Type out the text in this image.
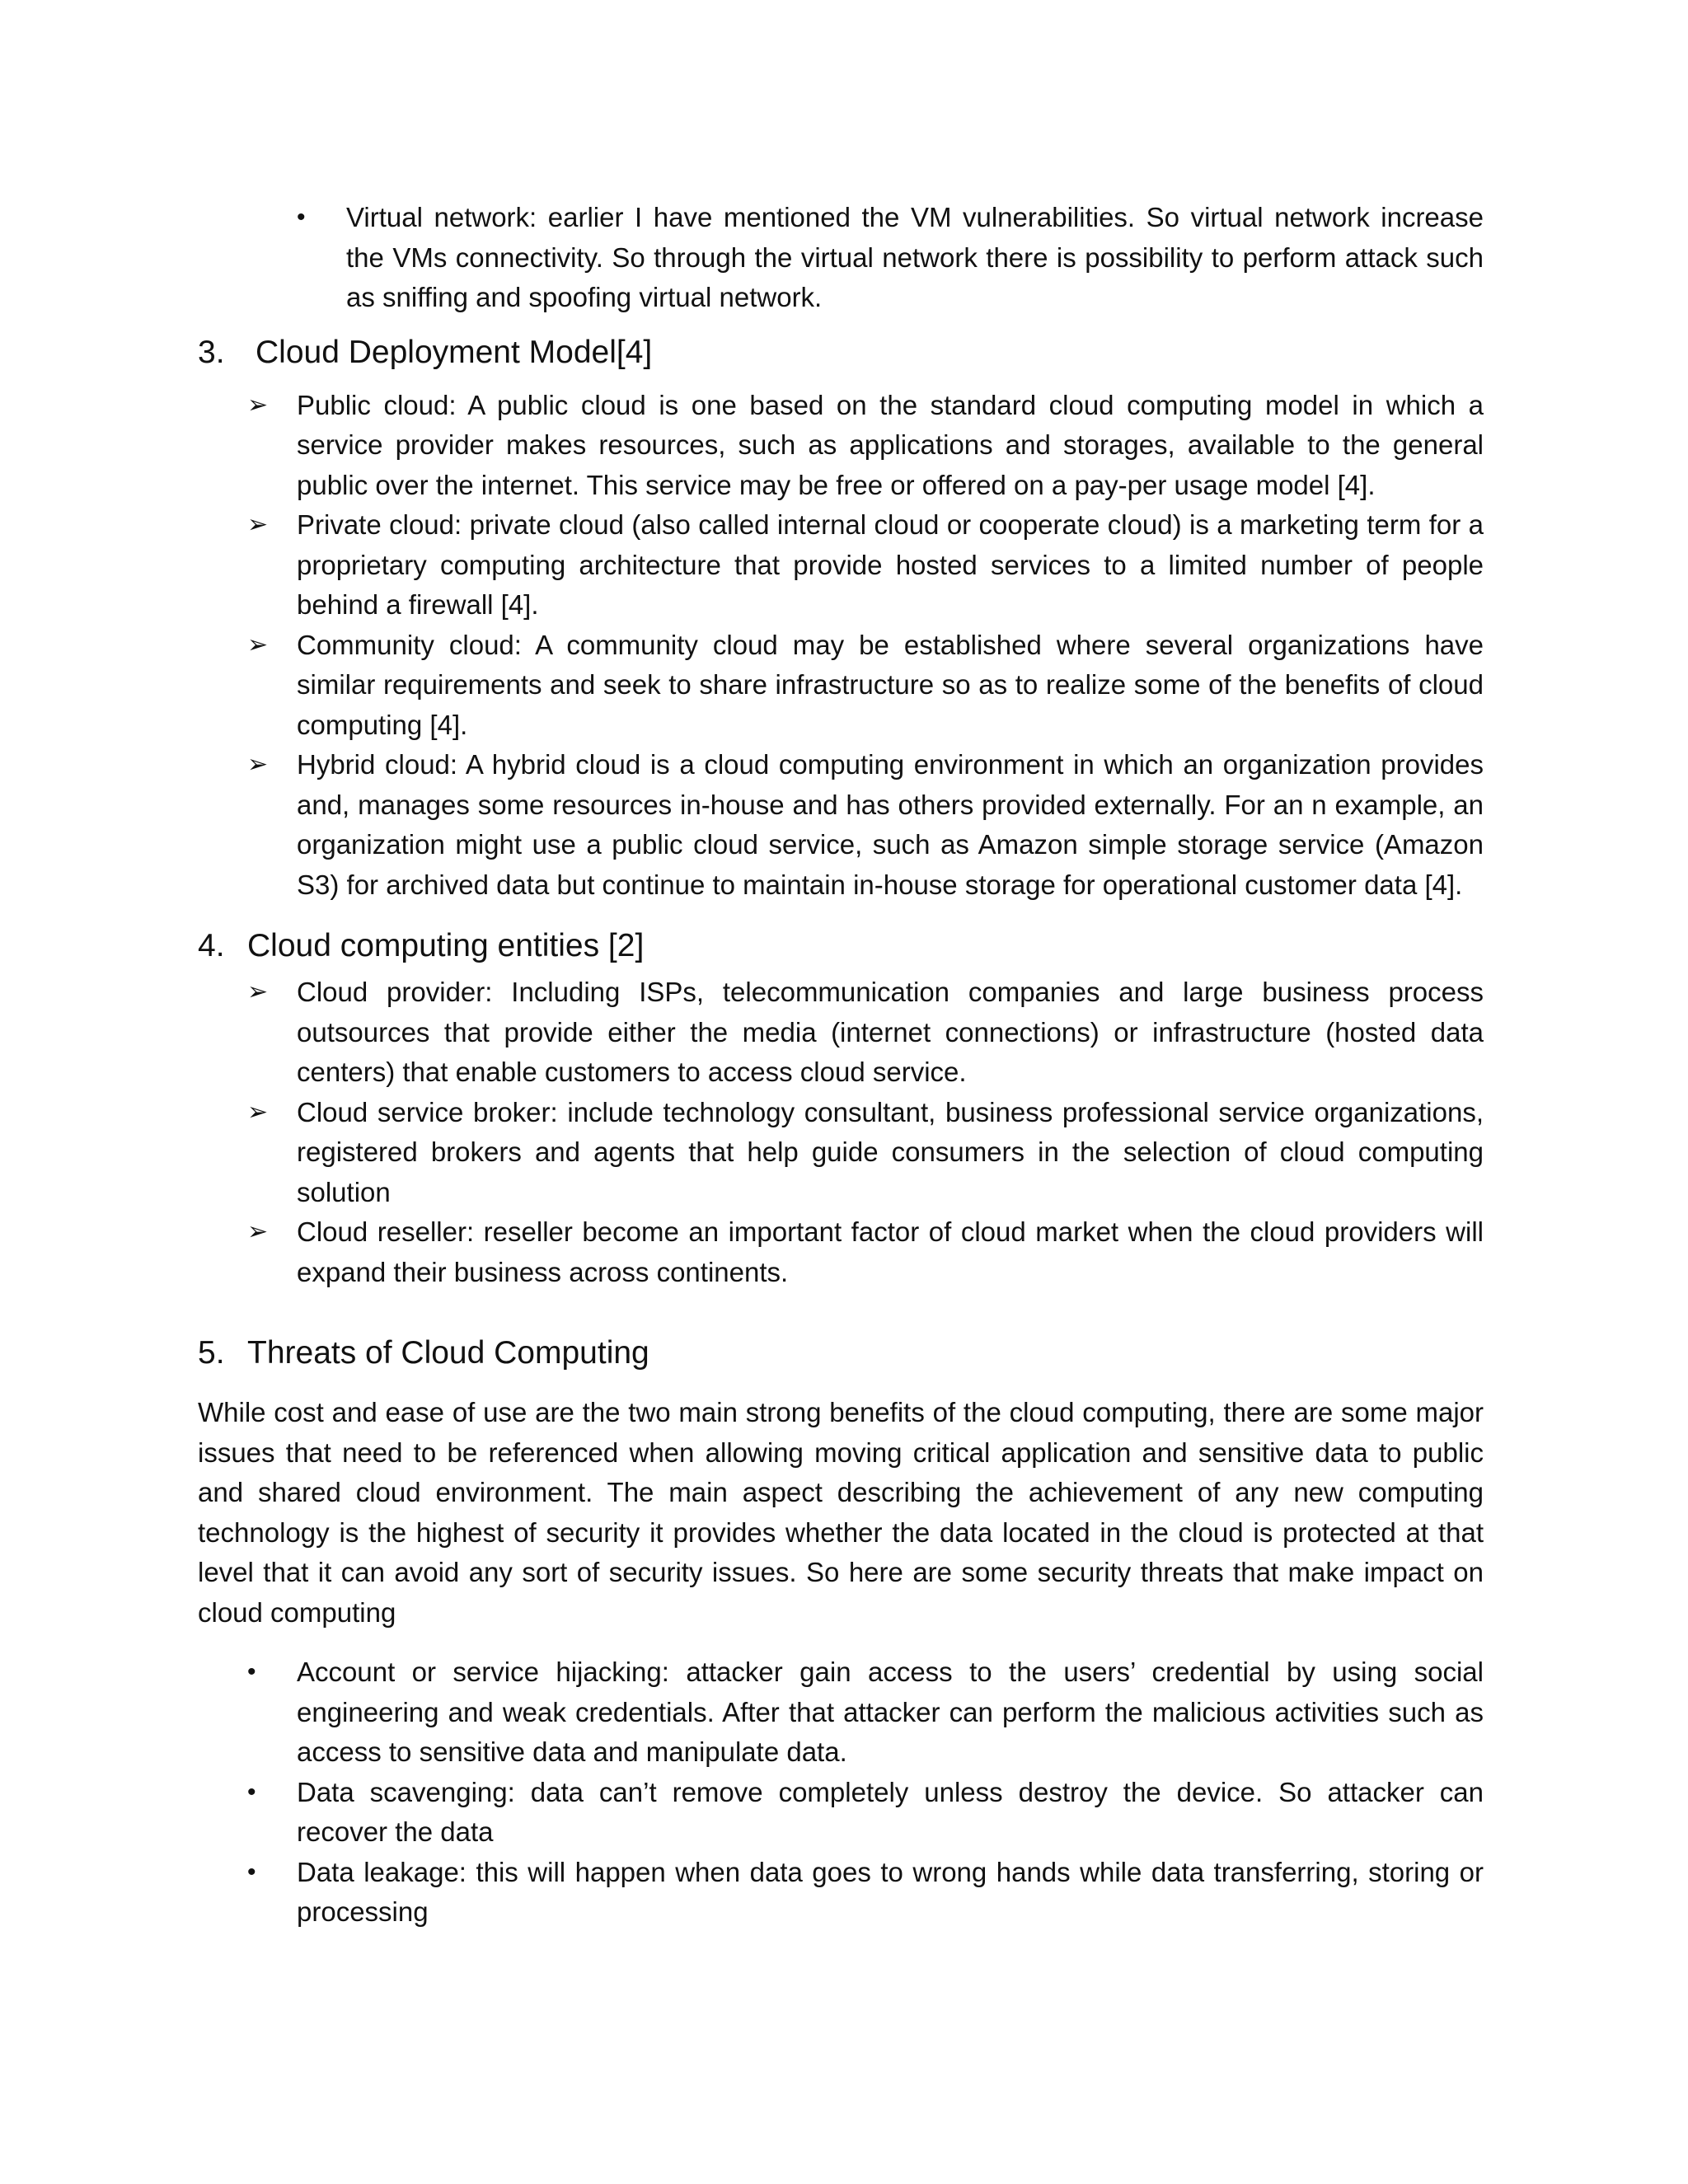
•	Virtual network: earlier I have mentioned the VM vulnerabilities. So virtual network increase the VMs connectivity. So through the virtual network there is possibility to perform attack such as sniffing and spoofing virtual network.
3. Cloud Deployment Model[4]
➢	Public cloud: A public cloud is one based on the standard cloud computing model in which a service provider makes resources, such as applications and storages, available to the general public over the internet. This service may be free or offered on a pay-per usage model [4].
➢	Private cloud: private cloud (also called internal cloud or cooperate cloud) is a marketing term for a proprietary computing architecture that provide hosted services to a limited number of people behind a firewall [4].
➢	Community cloud: A community cloud may be established where several organizations have similar requirements and seek to share infrastructure so as to realize some of the benefits of cloud computing [4].
➢	Hybrid cloud: A hybrid cloud is a cloud computing environment in which an organization provides and, manages some resources in-house and has others provided externally. For an n example, an organization might use a public cloud service, such as Amazon simple storage service (Amazon S3) for archived data but continue to maintain in-house storage for operational customer data [4].
4. Cloud computing entities [2]
➢	Cloud provider: Including ISPs, telecommunication companies and large business process outsources that provide either the media (internet connections) or infrastructure (hosted data centers) that enable customers to access cloud service.
➢	Cloud service broker: include technology consultant, business professional service organizations, registered brokers and agents that help guide consumers in the selection of cloud computing solution
➢	Cloud reseller: reseller become an important factor of cloud market when the cloud providers will expand their business across continents.
5. Threats of Cloud Computing

While cost and ease of use are the two main strong benefits of the cloud computing, there are some major issues that need to be referenced when allowing moving critical application and sensitive data to public and shared cloud environment. The main aspect describing the achievement of any new computing technology is the highest of security it provides whether the data located in the cloud is protected at that level that it can avoid any sort of security issues. So here are some security threats that make impact on cloud computing

•	Account or service hijacking: attacker gain access to the users’ credential by using social engineering and weak credentials. After that attacker can perform the malicious activities such as access to sensitive data and manipulate data.
•	Data scavenging: data can’t remove completely unless destroy the device. So attacker can recover the data
•	Data leakage: this will happen when data goes to wrong hands while data transferring, storing or processing
